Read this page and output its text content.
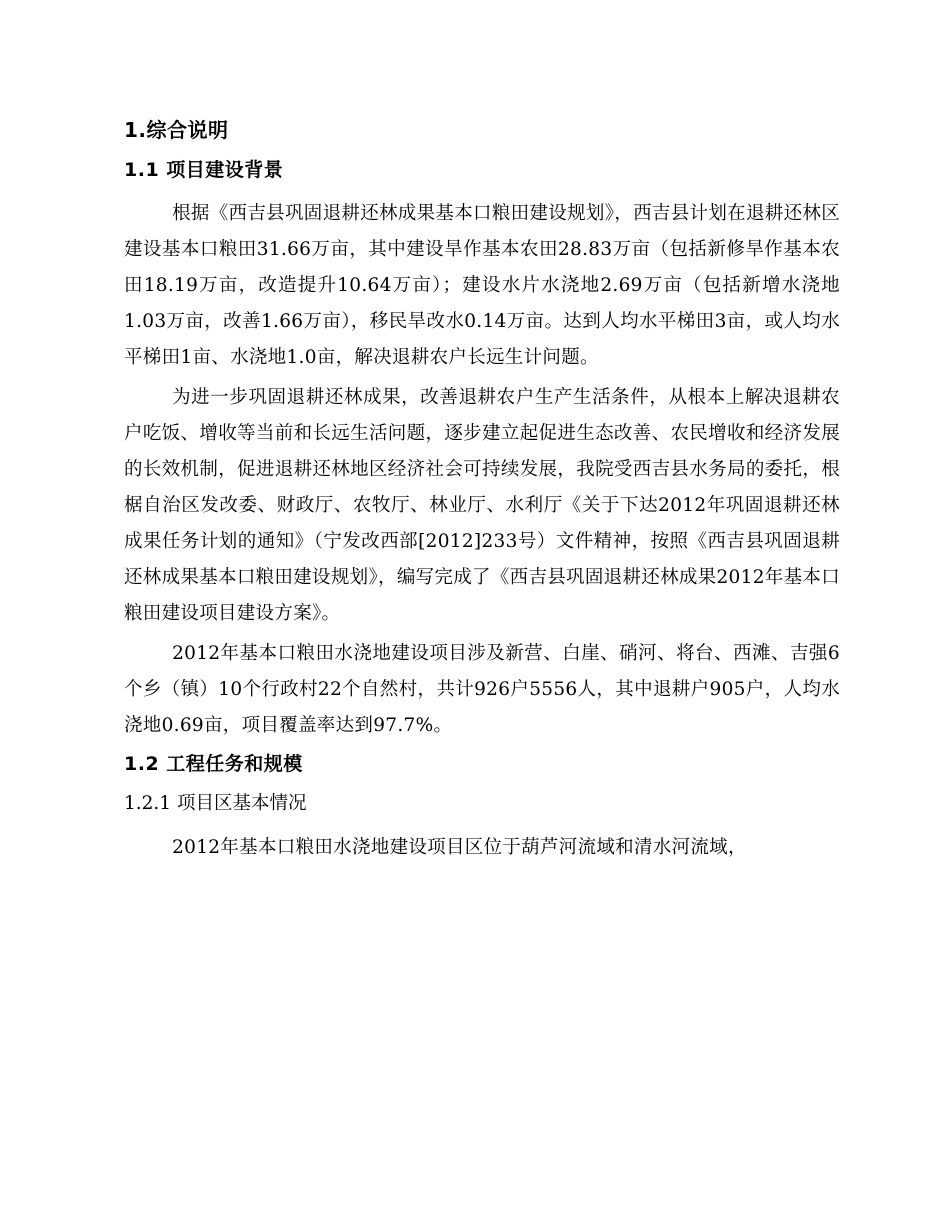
1.综合说明
1.1 项目建设背景

根据《西吉县巩固退耕还林成果基本口粮田建设规划》，西吉县计划在退耕还林区建设基本口粮田31.66万亩，其中建设旱作基本农田28.83万亩（包括新修旱作基本农田18.19万亩，改造提升10.64万亩）；建设水片水浇地2.69万亩（包括新增水浇地1.03万亩，改善1.66万亩），移民旱改水0.14万亩。达到人均水平梯田3亩，或人均水平梯田1亩、水浇地1.0亩，解决退耕农户长远生计问题。

为进一步巩固退耕还林成果，改善退耕农户生产生活条件，从根本上解决退耕农户吃饭、增收等当前和长远生活问题，逐步建立起促进生态改善、农民增收和经济发展的长效机制，促进退耕还林地区经济社会可持续发展，我院受西吉县水务局的委托，根椐自治区发改委、财政厅、农牧厅、林业厅、水利厅《关于下达2012年巩固退耕还林成果任务计划的通知》（宁发改西部[2012]233号）文件精神，按照《西吉县巩固退耕还林成果基本口粮田建设规划》，编写完成了《西吉县巩固退耕还林成果2012年基本口粮田建设项目建设方案》。

2012年基本口粮田水浇地建设项目涉及新营、白崖、硝河、将台、西滩、吉强6个乡（镇）10个行政村22个自然村，共计926户5556人，其中退耕户905户，人均水浇地0.69亩，项目覆盖率达到97.7%。

1.2 工程任务和规模
1.2.1 项目区基本情况

2012年基本口粮田水浇地建设项目区位于葫芦河流域和清水河流域，
